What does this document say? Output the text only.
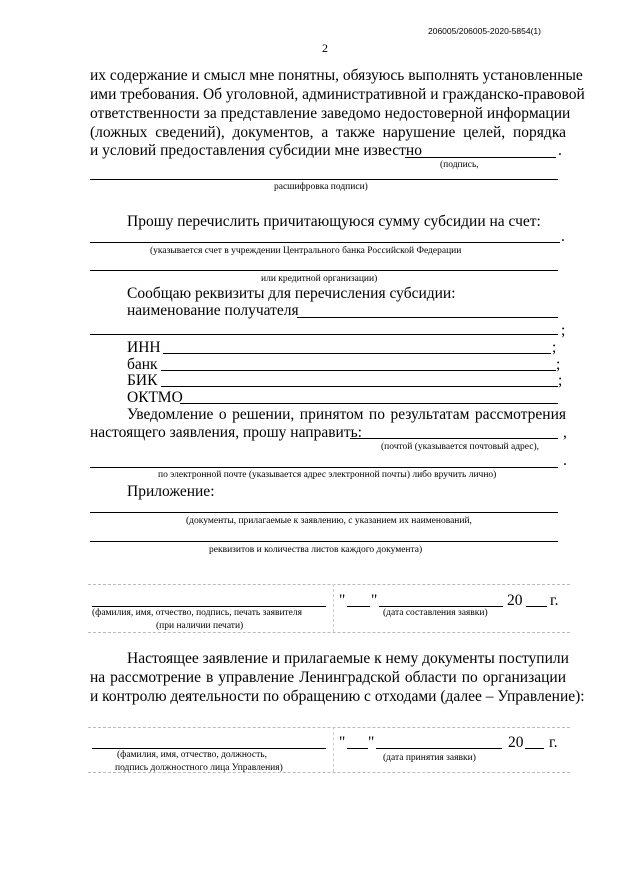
206005/206005-2020-5854(1)
2
их содержание и смысл мне понятны, обязуюсь выполнять установленные
ими требования. Об уголовной, административной и гражданско-правовой
ответственности за представление заведомо недостоверной информации
(ложных сведений), документов, а также нарушение целей, порядка
и условий предоставления субсидии мне известно	.
(подпись,
расшифровка подписи)
Прошу перечислить причитающуюся сумму субсидии на счет:
.
(указывается счет в учреждении Центрального банка Российской Федерации
или кредитной организации)
Сообщаю реквизиты для перечисления субсидии:
наименование получателя
;
ИНН	;
банк	;
БИК	;
ОКТМО
Уведомление о решении, принятом по результатам рассмотрения
настоящего заявления, прошу направить:	,
(почтой (указывается почтовый адрес),
.
по электронной почте (указывается адрес электронной почты) либо вручить лично)
Приложение:
(документы, прилагаемые к заявлению, с указанием их наименований,
реквизитов и количества листов каждого документа)
(фамилия, имя, отчество, подпись, печать заявителя
(при наличии печати)
" "	20 г.
(дата составления заявки)
Настоящее заявление и прилагаемые к нему документы поступили
на рассмотрение в управление Ленинградской области по организации
и контролю деятельности по обращению с отходами (далее – Управление):
(фамилия, имя, отчество, должность,
подпись должностного лица Управления)
" "	20 г.
(дата принятия заявки)
